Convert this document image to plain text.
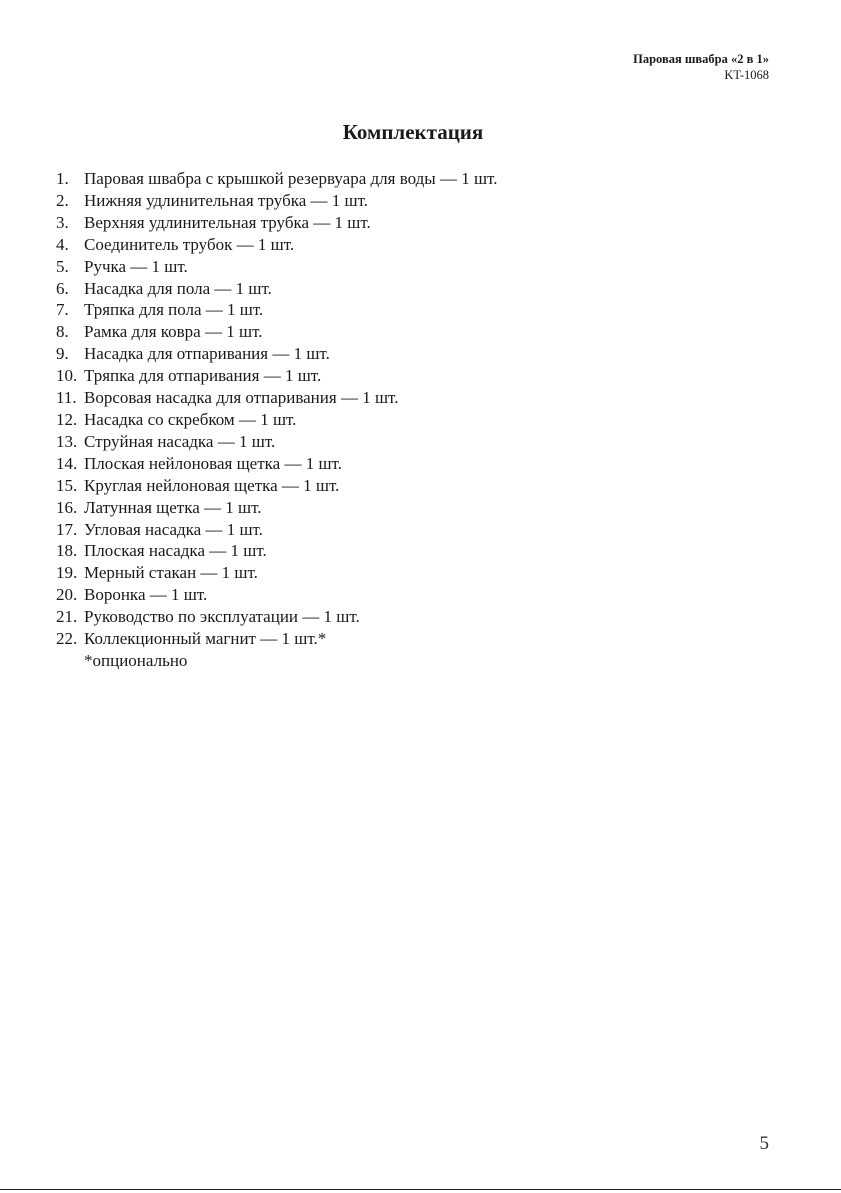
Паровая швабра «2 в 1»
KT-1068
Комплектация
1. Паровая швабра с крышкой резервуара для воды — 1 шт.
2. Нижняя удлинительная трубка — 1 шт.
3. Верхняя удлинительная трубка — 1 шт.
4. Соединитель трубок — 1 шт.
5. Ручка — 1 шт.
6. Насадка для пола — 1 шт.
7. Тряпка для пола — 1 шт.
8. Рамка для ковра — 1 шт.
9. Насадка для отпаривания — 1 шт.
10. Тряпка для отпаривания — 1 шт.
11. Ворсовая насадка для отпаривания — 1 шт.
12. Насадка со скребком — 1 шт.
13. Струйная насадка — 1 шт.
14. Плоская нейлоновая щетка — 1 шт.
15. Круглая нейлоновая щетка — 1 шт.
16. Латунная щетка — 1 шт.
17. Угловая насадка — 1 шт.
18. Плоская насадка — 1 шт.
19. Мерный стакан — 1 шт.
20. Воронка — 1 шт.
21. Руководство по эксплуатации — 1 шт.
22. Коллекционный магнит — 1 шт.*
*опционально
5
